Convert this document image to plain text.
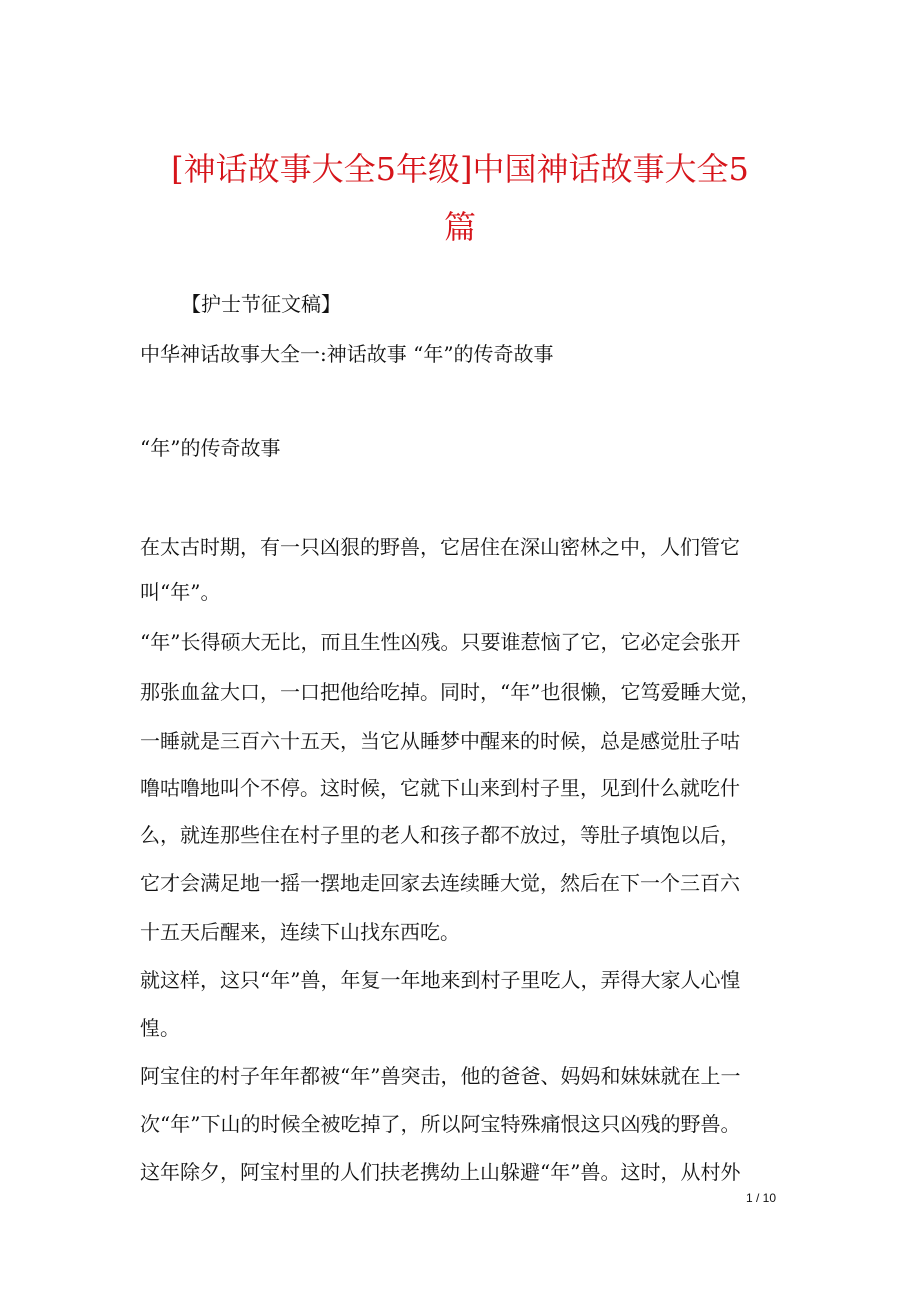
[神话故事大全5年级]中国神话故事大全5
篇

【护士节征文稿】

中华神话故事大全一:神话故事 “年”的传奇故事

“年”的传奇故事

在太古时期，有一只凶狠的野兽，它居住在深山密林之中，人们管它

叫“年”。

“年”长得硕大无比，而且生性凶残。只要谁惹恼了它，它必定会张开

那张血盆大口，一口把他给吃掉。同时，“年”也很懒，它笃爱睡大觉，

一睡就是三百六十五天，当它从睡梦中醒来的时候，总是感觉肚子咕

噜咕噜地叫个不停。这时候，它就下山来到村子里，见到什么就吃什

么，就连那些住在村子里的老人和孩子都不放过，等肚子填饱以后，

它才会满足地一摇一摆地走回家去连续睡大觉，然后在下一个三百六

十五天后醒来，连续下山找东西吃。

就这样，这只“年”兽，年复一年地来到村子里吃人，弄得大家人心惶

惶。

阿宝住的村子年年都被“年”兽突击，他的爸爸、妈妈和妹妹就在上一

次“年”下山的时候全被吃掉了，所以阿宝特殊痛恨这只凶残的野兽。

这年除夕，阿宝村里的人们扶老携幼上山躲避“年”兽。这时，从村外

1 / 10
